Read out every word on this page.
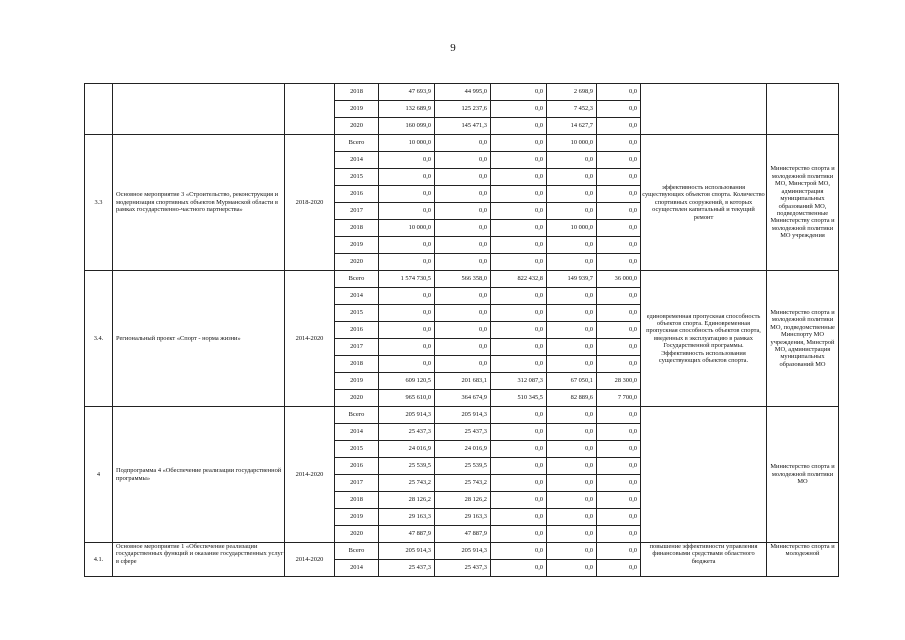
9
			2018	47 693,9	44 995,0	0,0	2 698,9	0,0		
			2019	132 689,9	125 237,6	0,0	7 452,3	0,0		
			2020	160 099,0	145 471,3	0,0	14 627,7	0,0		
3.3	Основное мероприятие 3 «Строительство, реконструкция и модернизация спортивных объектов Мурманской области в рамках государственно-частного партнерства»	2018-2020	Всего	10 000,0	0,0	0,0	10 000,0	0,0	эффективность использования существующих объектов спорта. Количество спортивных сооружений, в которых осуществлен капитальный и текущий ремонт	Министерство спорта и молодежной политики МО, Минстрой МО, администрация муниципальных образований МО, подведомственные Министерству спорта и молодежной политики МО учреждения
			2014	0,0	0,0	0,0	0,0	0,0		
			2015	0,0	0,0	0,0	0,0	0,0		
			2016	0,0	0,0	0,0	0,0	0,0		
			2017	0,0	0,0	0,0	0,0	0,0		
			2018	10 000,0	0,0	0,0	10 000,0	0,0		
			2019	0,0	0,0	0,0	0,0	0,0		
			2020	0,0	0,0	0,0	0,0	0,0		
3.4.	Региональный проект «Спорт - норма жизни»	2014-2020	Всего	1 574 730,5	566 358,0	822 432,8	149 939,7	36 000,0	единовременная пропускная способность объектов спорта. Единовременная пропускная способность объектов спорта, введенных в эксплуатацию в рамках Государственной программы. Эффективность использования существующих объектов спорта.	Министерство спорта и молодежной политики МО, подведомственные Минспорту МО учреждения, Минстрой МО, администрация муниципальных образований МО
			2014	0,0	0,0	0,0	0,0	0,0		
			2015	0,0	0,0	0,0	0,0	0,0		
			2016	0,0	0,0	0,0	0,0	0,0		
			2017	0,0	0,0	0,0	0,0	0,0		
			2018	0,0	0,0	0,0	0,0	0,0		
			2019	609 120,5	201 683,1	312 087,3	67 050,1	28 300,0		
			2020	965 610,0	364 674,9	510 345,5	82 889,6	7 700,0		
4	Подпрограмма 4 «Обеспечение реализации государственной программы»	2014-2020	Всего	205 914,3	205 914,3	0,0	0,0	0,0		Министерство спорта и молодежной политики МО
			2014	25 437,3	25 437,3	0,0	0,0	0,0		
			2015	24 016,9	24 016,9	0,0	0,0	0,0		
			2016	25 539,5	25 539,5	0,0	0,0	0,0		
			2017	25 743,2	25 743,2	0,0	0,0	0,0		
			2018	28 126,2	28 126,2	0,0	0,0	0,0		
			2019	29 163,3	29 163,3	0,0	0,0	0,0		
			2020	47 887,9	47 887,9	0,0	0,0	0,0		
4.1.	Основное мероприятие 1 «Обеспечение реализации государственных функций и оказание государственных услуг в сфере	2014-2020	Всего	205 914,3	205 914,3	0,0	0,0	0,0	повышение эффективности управления финансовыми средствами областного бюджета	Министерство спорта и молодежной
			2014	25 437,3	25 437,3	0,0	0,0	0,0		
